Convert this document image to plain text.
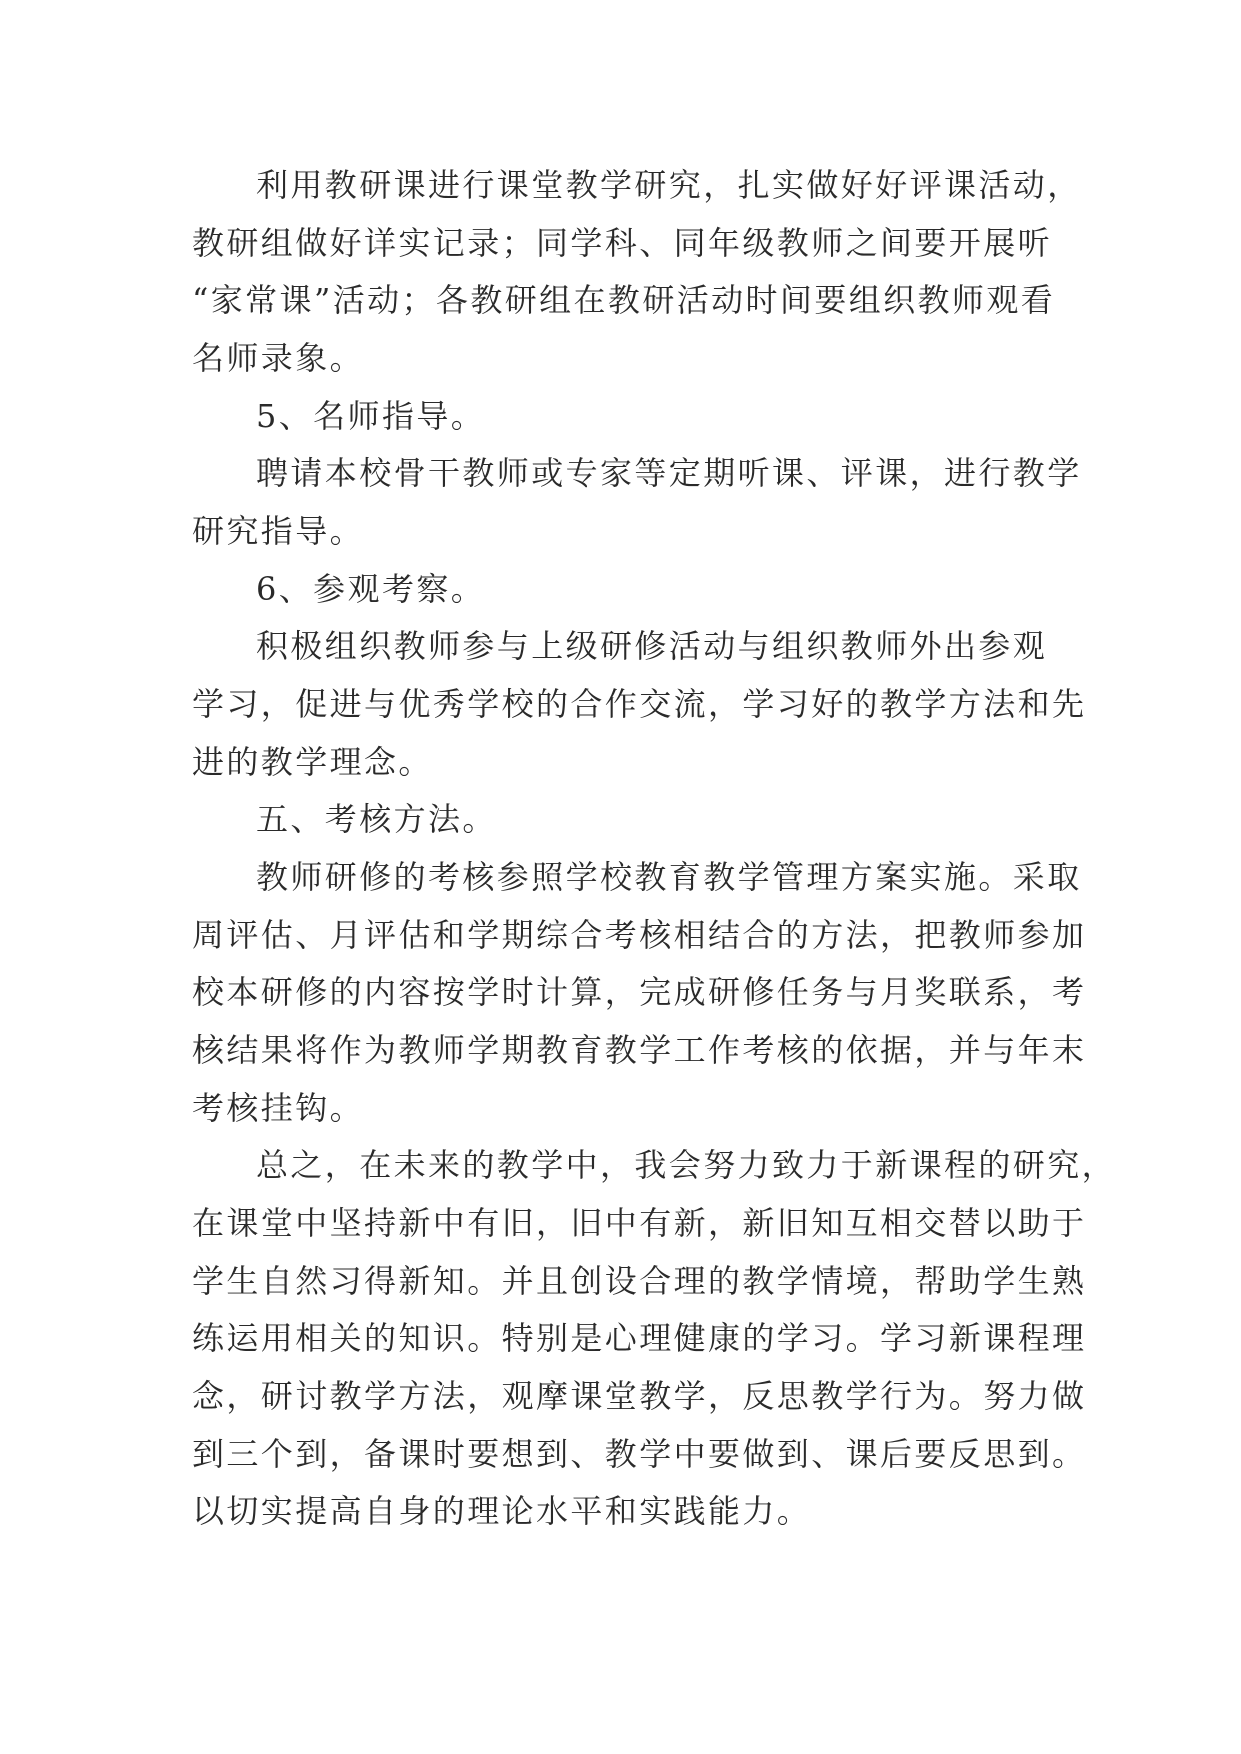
利用教研课进行课堂教学研究，扎实做好好评课活动，
教研组做好详实记录；同学科、同年级教师之间要开展听
“家常课”活动；各教研组在教研活动时间要组织教师观看
名师录象。
5、名师指导。
聘请本校骨干教师或专家等定期听课、评课，进行教学
研究指导。
6、参观考察。
积极组织教师参与上级研修活动与组织教师外出参观
学习，促进与优秀学校的合作交流，学习好的教学方法和先
进的教学理念。
五、考核方法。
教师研修的考核参照学校教育教学管理方案实施。采取
周评估、月评估和学期综合考核相结合的方法，把教师参加
校本研修的内容按学时计算，完成研修任务与月奖联系，考
核结果将作为教师学期教育教学工作考核的依据，并与年末
考核挂钩。
总之，在未来的教学中，我会努力致力于新课程的研究，
在课堂中坚持新中有旧，旧中有新，新旧知互相交替以助于
学生自然习得新知。并且创设合理的教学情境，帮助学生熟
练运用相关的知识。特别是心理健康的学习。学习新课程理
念，研讨教学方法，观摩课堂教学，反思教学行为。努力做
到三个到，备课时要想到、教学中要做到、课后要反思到。
以切实提高自身的理论水平和实践能力。
